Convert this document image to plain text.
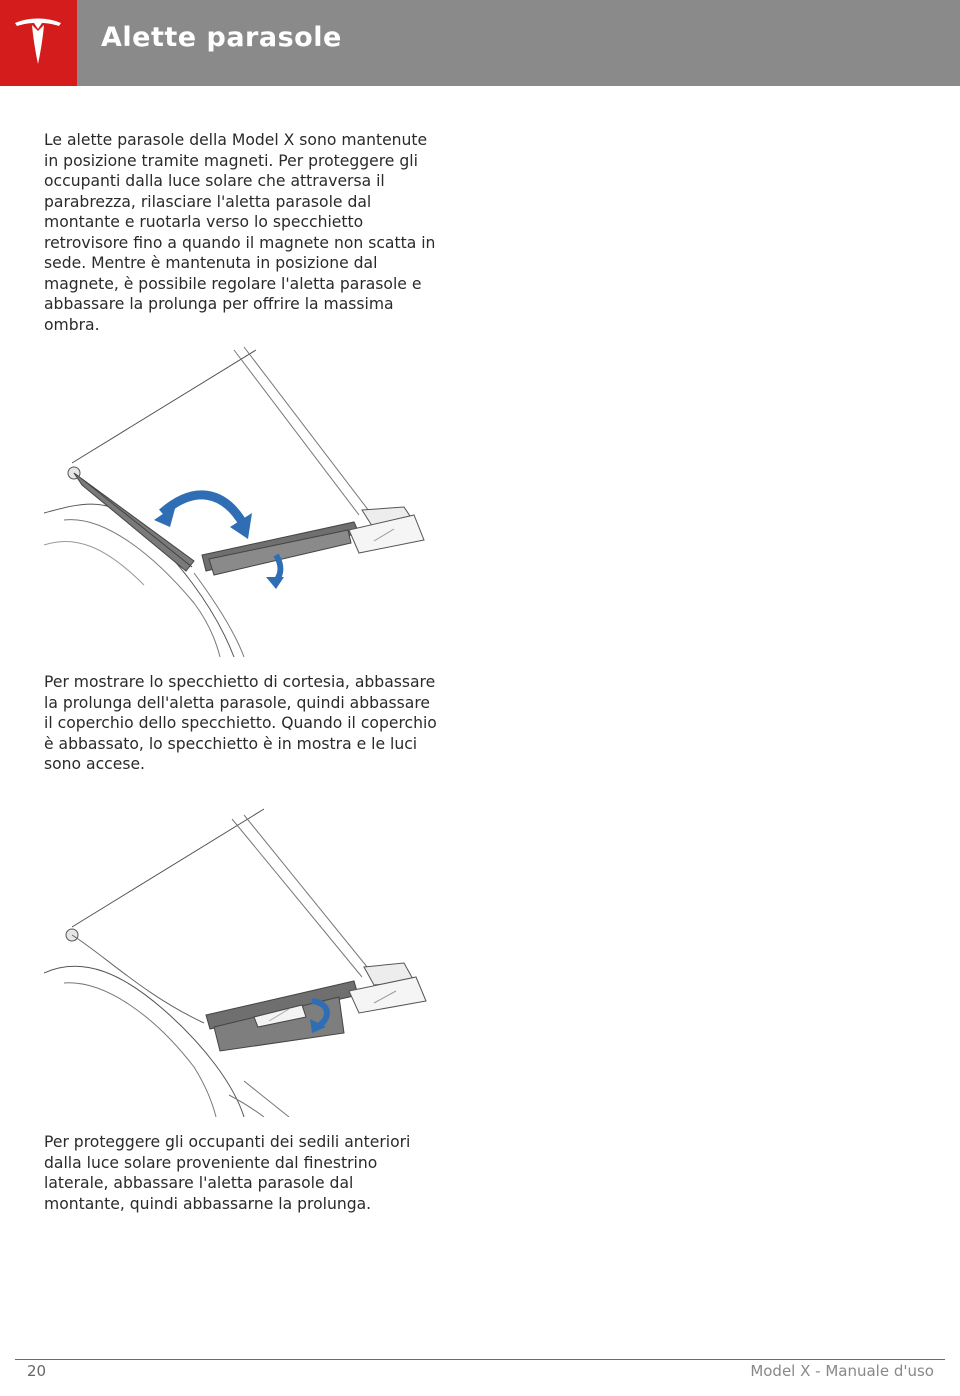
Alette parasole
Le alette parasole della Model X sono mantenute in posizione tramite magneti. Per proteggere gli occupanti dalla luce solare che attraversa il parabrezza, rilasciare l'aletta parasole dal montante e ruotarla verso lo specchietto retrovisore fino a quando il magnete non scatta in sede. Mentre è mantenuta in posizione dal magnete, è possibile regolare l'aletta parasole e abbassare la prolunga per offrire la massima ombra.
Per mostrare lo specchietto di cortesia, abbassare la prolunga dell'aletta parasole, quindi abbassare il coperchio dello specchietto. Quando il coperchio è abbassato, lo specchietto è in mostra e le luci sono accese.
Per proteggere gli occupanti dei sedili anteriori dalla luce solare proveniente dal finestrino laterale, abbassare l'aletta parasole dal montante, quindi abbassarne la prolunga.
20	Model X - Manuale d'uso
